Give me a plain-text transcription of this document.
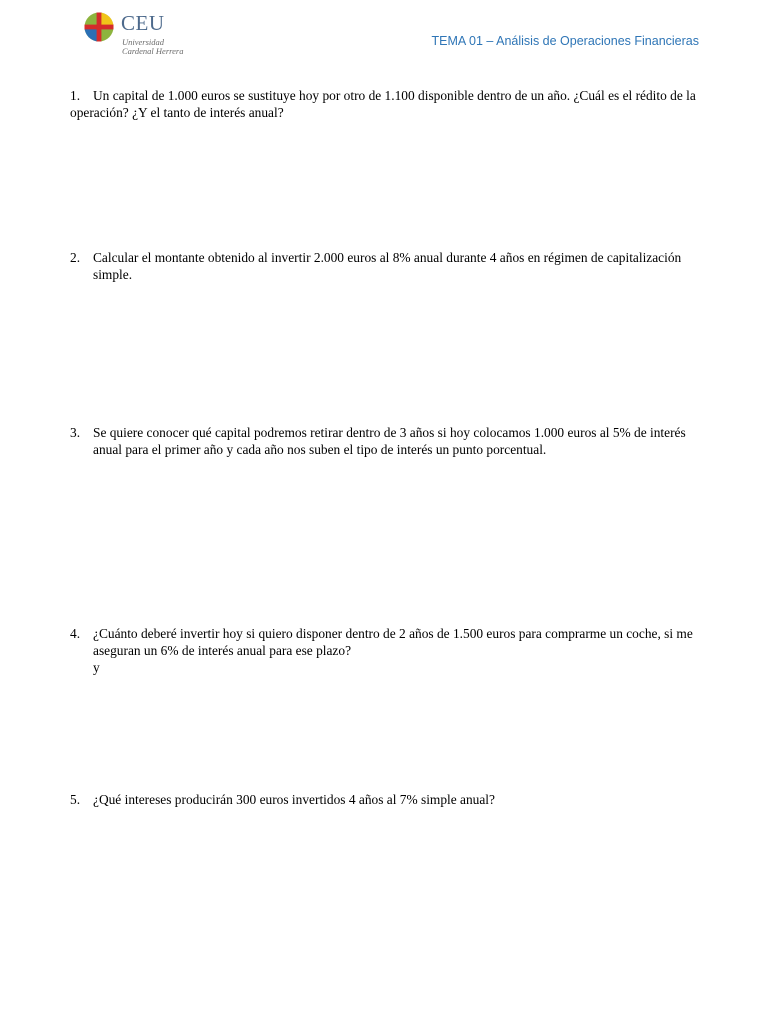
CEU
Universidad
Cardenal Herrera
TEMA 01 – Análisis de Operaciones Financieras
1. Un capital de 1.000 euros se sustituye hoy por otro de 1.100 disponible dentro de un año. ¿Cuál es el rédito de la operación? ¿Y el tanto de interés anual?
2. Calcular el montante obtenido al invertir 2.000 euros al 8% anual durante 4 años en régimen de capitalización simple.
3. Se quiere conocer qué capital podremos retirar dentro de 3 años si hoy colocamos 1.000 euros al 5% de interés anual para el primer año y cada año nos suben el tipo de interés un punto porcentual.
4. ¿Cuánto deberé invertir hoy si quiero disponer dentro de 2 años de 1.500 euros para comprarme un coche, si me aseguran un 6% de interés anual para ese plazo?
y
5. ¿Qué intereses producirán 300 euros invertidos 4 años al 7% simple anual?
